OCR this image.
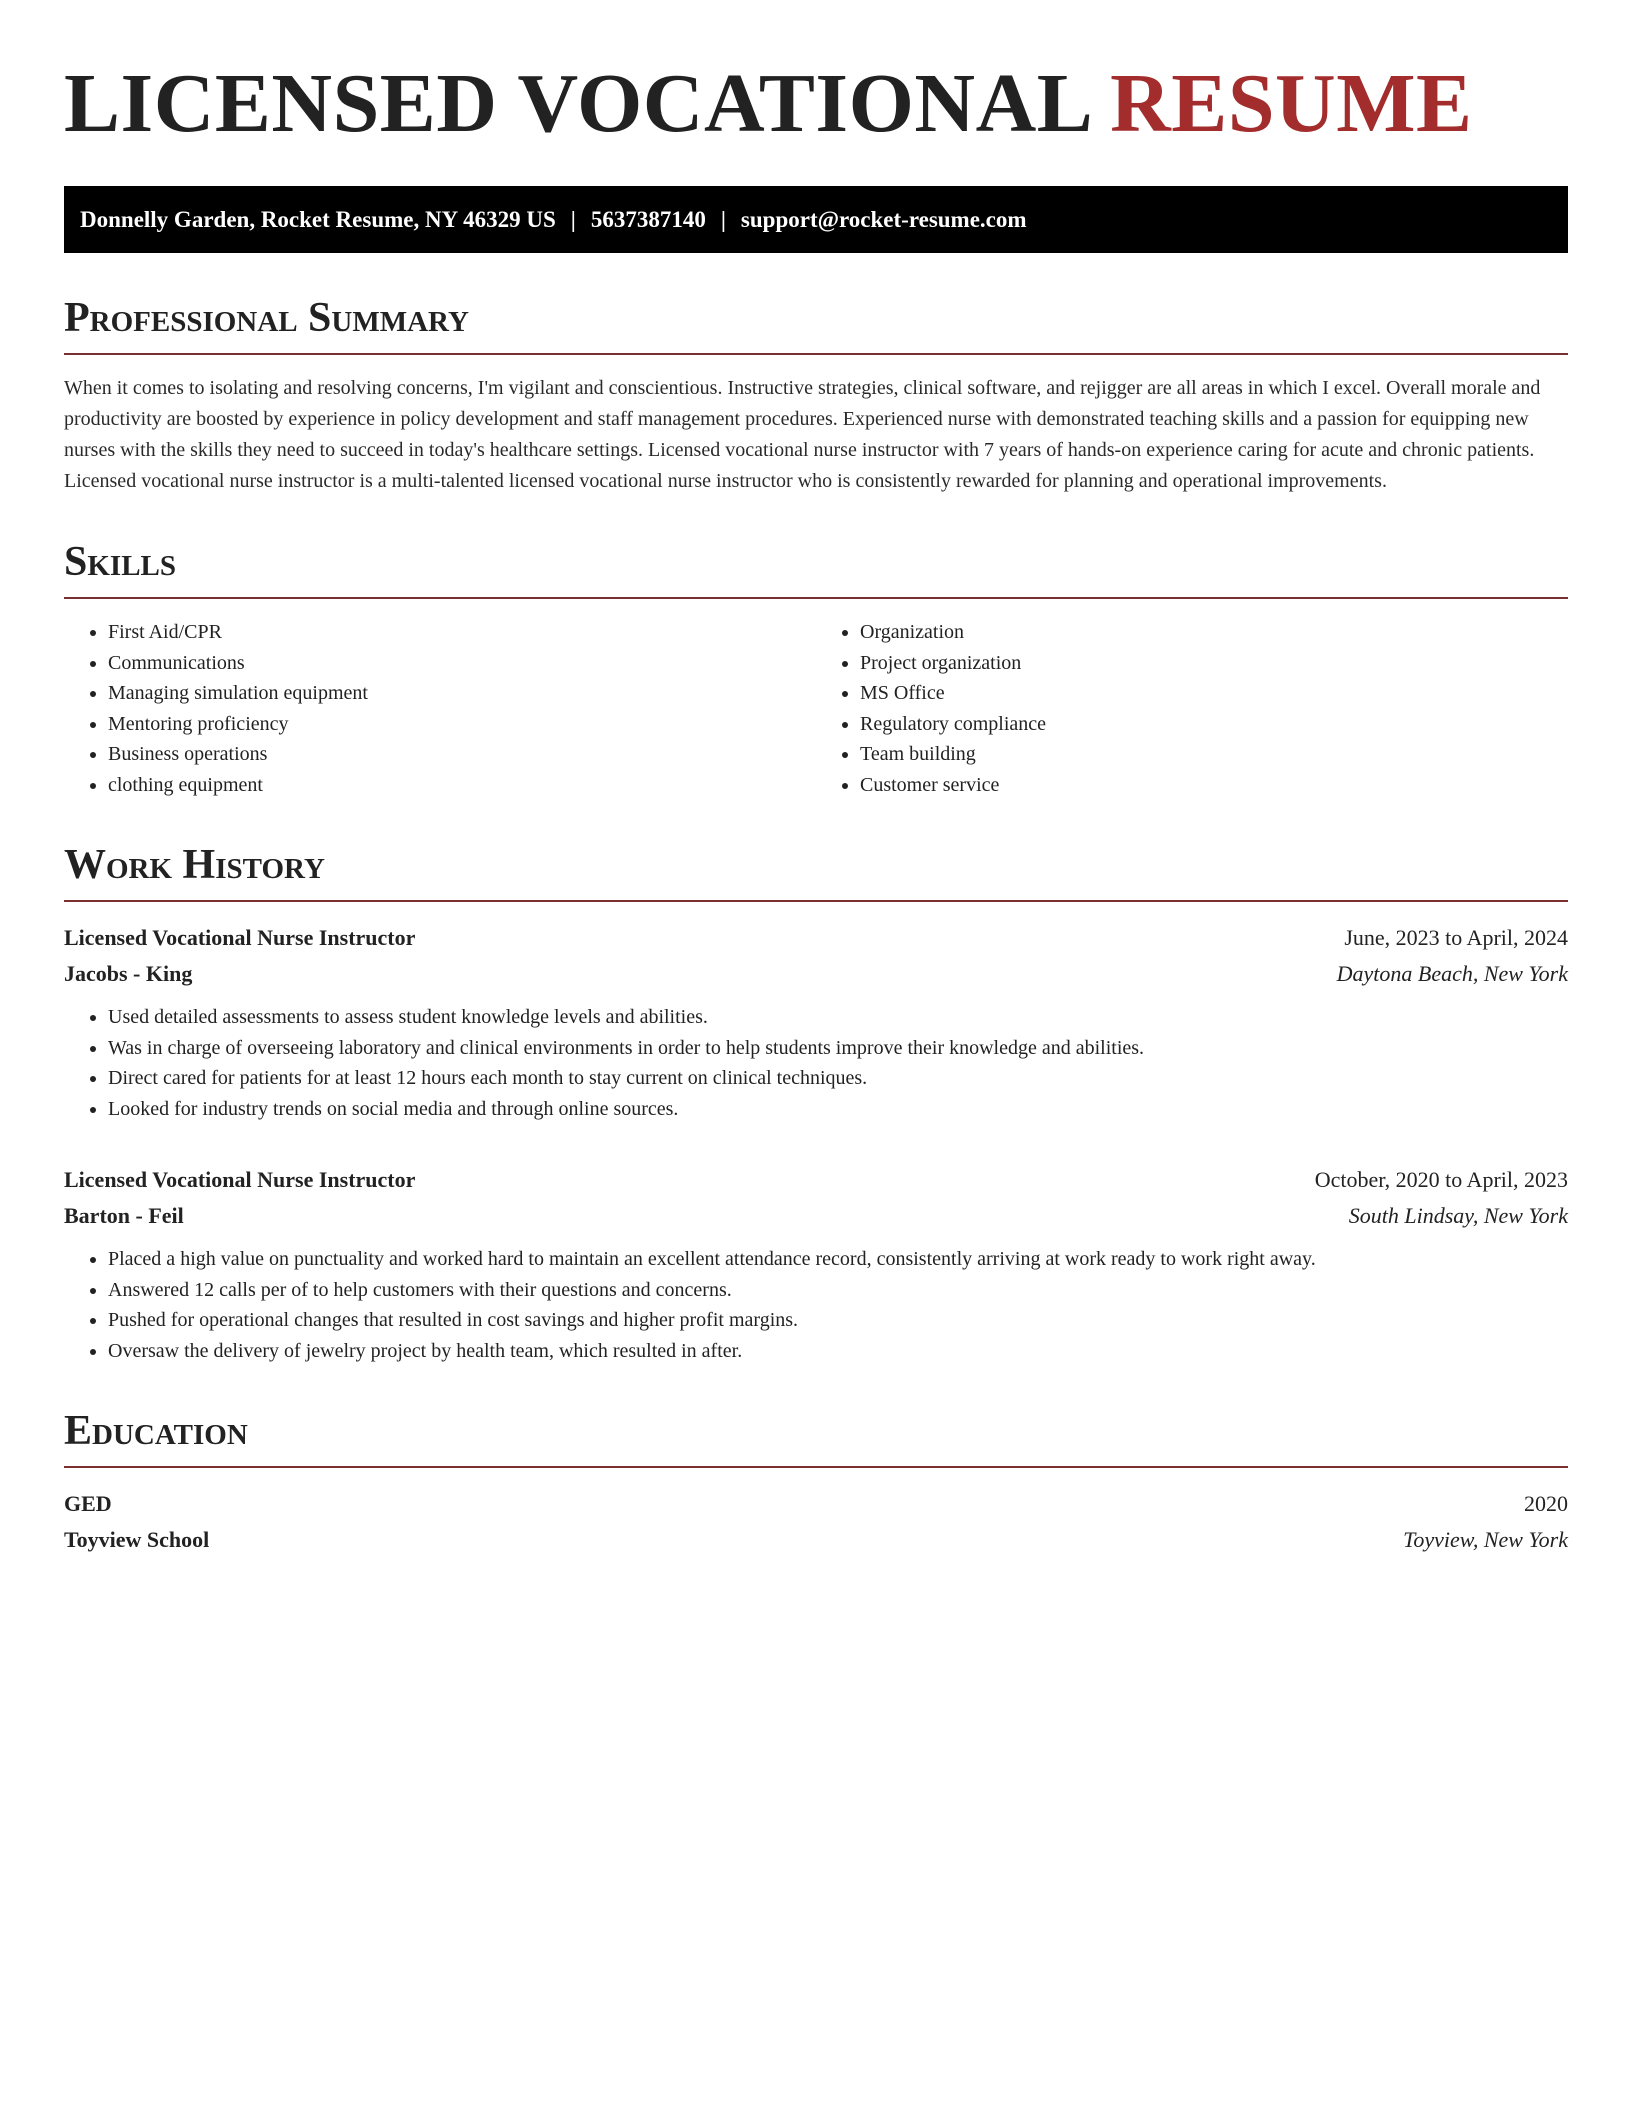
LICENSED VOCATIONAL RESUME
Donnelly Garden, Rocket Resume, NY 46329 US | 5637387140 | support@rocket-resume.com
Professional Summary

When it comes to isolating and resolving concerns, I'm vigilant and conscientious. Instructive strategies, clinical software, and rejigger are all areas in which I excel. Overall morale and productivity are boosted by experience in policy development and staff management procedures. Experienced nurse with demonstrated teaching skills and a passion for equipping new nurses with the skills they need to succeed in today's healthcare settings. Licensed vocational nurse instructor with 7 years of hands-on experience caring for acute and chronic patients. Licensed vocational nurse instructor is a multi-talented licensed vocational nurse instructor who is consistently rewarded for planning and operational improvements.

Skills
• First Aid/CPR
• Communications
• Managing simulation equipment
• Mentoring proficiency
• Business operations
• clothing equipment
• Organization
• Project organization
• MS Office
• Regulatory compliance
• Team building
• Customer service
Work History
Licensed Vocational Nurse Instructor	June, 2023 to April, 2024
Jacobs - King	Daytona Beach, New York
• Used detailed assessments to assess student knowledge levels and abilities.
• Was in charge of overseeing laboratory and clinical environments in order to help students improve their knowledge and abilities.
• Direct cared for patients for at least 12 hours each month to stay current on clinical techniques.
• Looked for industry trends on social media and through online sources.
Licensed Vocational Nurse Instructor	October, 2020 to April, 2023
Barton - Feil	South Lindsay, New York
• Placed a high value on punctuality and worked hard to maintain an excellent attendance record, consistently arriving at work ready to work right away.
• Answered 12 calls per of to help customers with their questions and concerns.
• Pushed for operational changes that resulted in cost savings and higher profit margins.
• Oversaw the delivery of jewelry project by health team, which resulted in after.
Education
GED	2020
Toyview School	Toyview, New York
